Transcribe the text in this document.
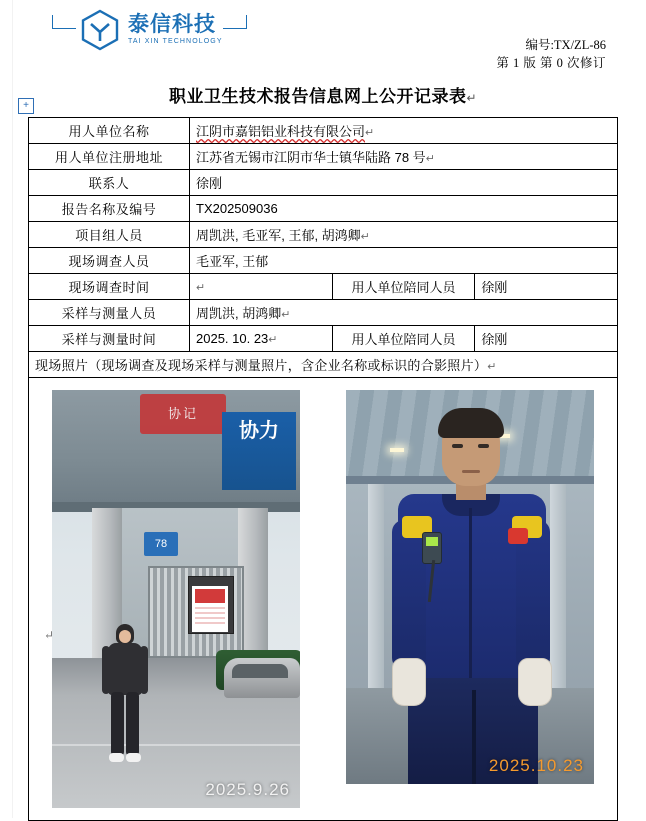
泰信科技
TAI XIN TECHNOLOGY	编号:TX/ZL-86
第 1 版 第 0 次修订
职业卫生技术报告信息网上公开记录表↵
+
用人单位名称	江阴市嘉铝铝业科技有限公司↵		
用人单位注册地址	江苏省无锡市江阴市华士镇华陆路 78 号↵		
联系人	徐刚		
报告名称及编号	TX202509036		
项目组人员	周凯洪, 毛亚军, 王郁, 胡鸿卿↵		
现场调查人员	毛亚军, 王郁		
现场调查时间	↵	用人单位陪同人员	徐刚
采样与测量人员	周凯洪, 胡鸿卿↵		
采样与测量时间	2025. 10. 23↵	用人单位陪同人员	徐刚
现场照片（现场调查及现场采样与测量照片，含企业名称或标识的合影照片）↵			
协记
协力
78
2025.9.26
2025.10.23
↵
